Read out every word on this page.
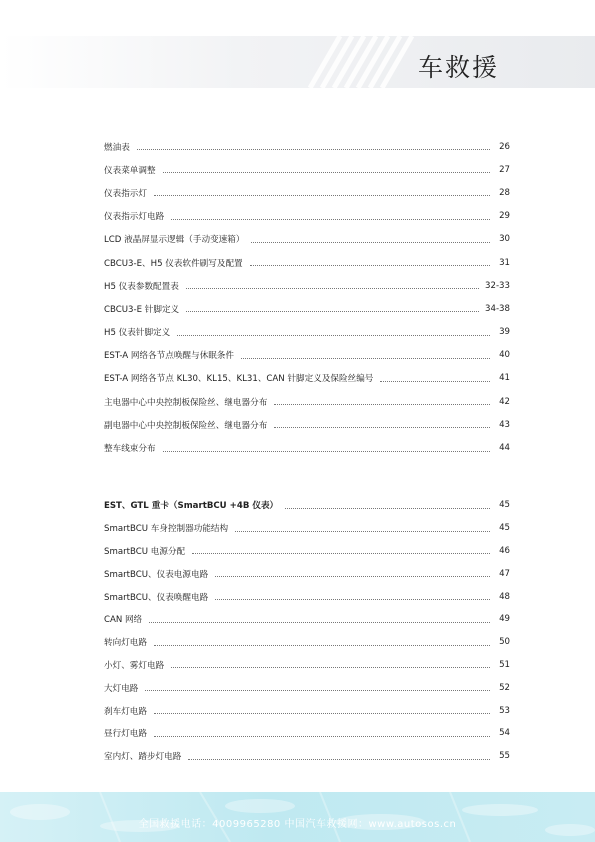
车救援
燃油表	26
仪表菜单调整	27
仪表指示灯	28
仪表指示灯电路	29
LCD 液晶屏显示逻辑（手动变速箱）	30
CBCU3-E、H5 仪表软件刷写及配置	31
H5 仪表参数配置表	32-33
CBCU3-E 针脚定义	34-38
H5 仪表针脚定义	39
EST-A 网络各节点唤醒与休眠条件	40
EST-A 网络各节点 KL30、KL15、KL31、CAN 针脚定义及保险丝编号	41
主电器中心中央控制板保险丝、继电器分布	42
副电器中心中央控制板保险丝、继电器分布	43
整车线束分布	44
EST、GTL 重卡（SmartBCU +4B 仪表）	45
SmartBCU 车身控制器功能结构	45
SmartBCU 电源分配	46
SmartBCU、仪表电源电路	47
SmartBCU、仪表唤醒电路	48
CAN 网络	49
转向灯电路	50
小灯、雾灯电路	51
大灯电路	52
刹车灯电路	53
昼行灯电路	54
室内灯、踏步灯电路	55
全国救援电话：4009965280 中国汽车救援网：www.autosos.cn
